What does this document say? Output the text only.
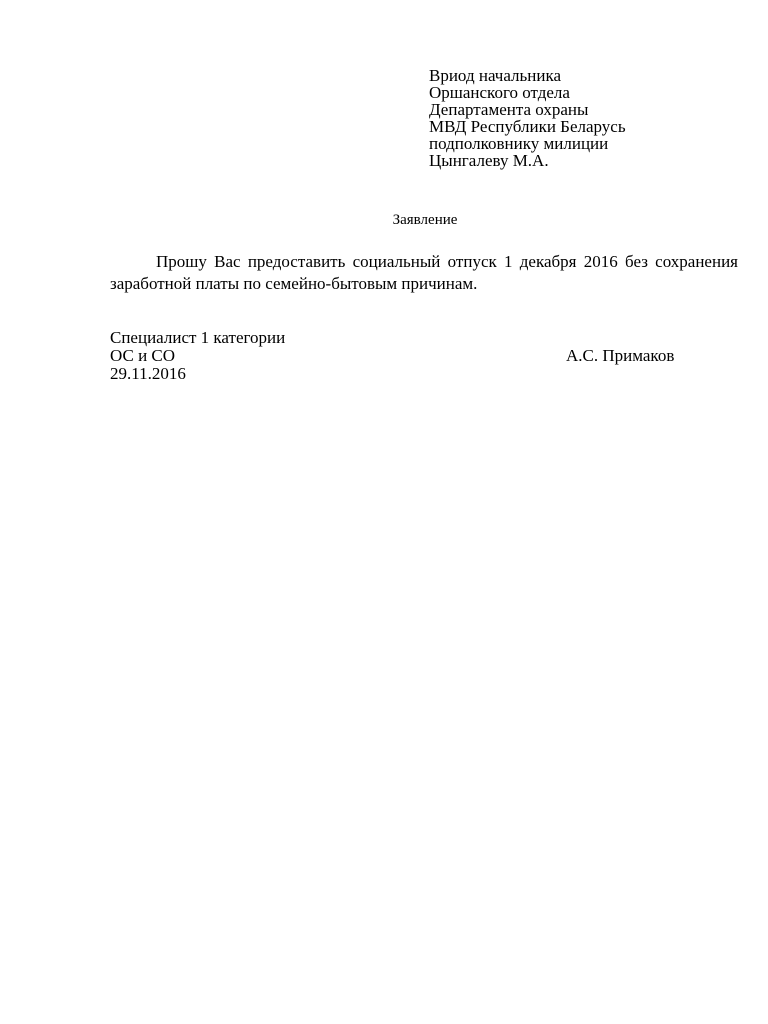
Вриод начальника
Оршанского отдела
Департамента охраны
МВД Республики Беларусь
подполковнику милиции
Цынгалеву М.А.
Заявление
Прошу Вас предоставить социальный отпуск 1 декабря 2016 без сохранения заработной платы по семейно-бытовым причинам.
Специалист 1 категории
ОС и СО	А.С. Примаков
29.11.2016
